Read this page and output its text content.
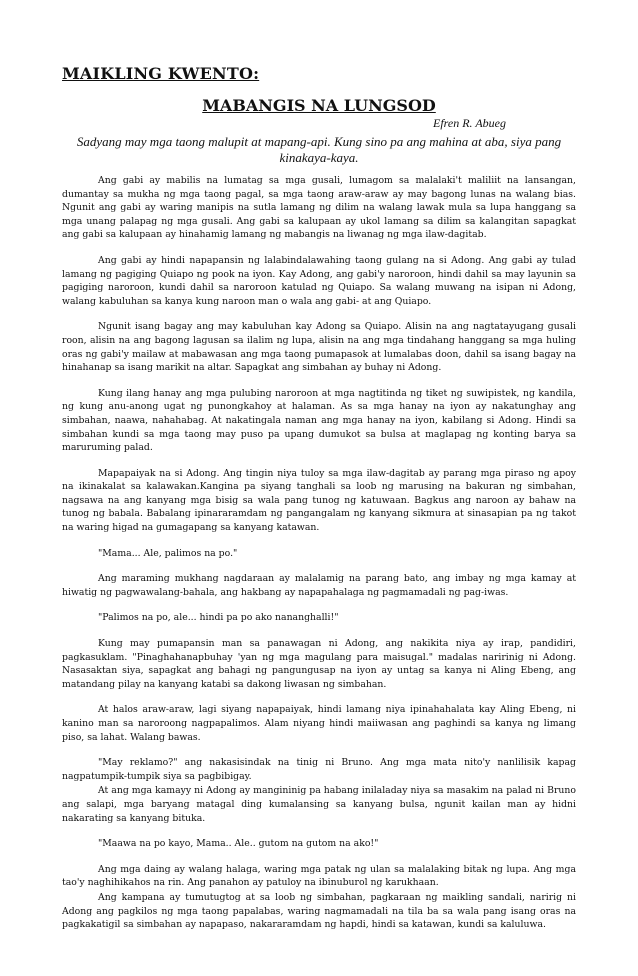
MAIKLING KWENTO:
MABANGIS NA LUNGSOD
Efren R. Abueg
Sadyang may mga taong malupit at mapang-api. Kung sino pa ang mahina at aba, siya pang kinakaya-kaya.

Ang gabi ay mabilis na lumatag sa mga gusali, lumagom sa malalaki't maliliit na lansangan, dumantay sa mukha ng mga taong pagal, sa mga taong araw-araw ay may bagong lunas na walang bias. Ngunit ang gabi ay waring manipis na sutla lamang ng dilim na walang lawak mula sa lupa hanggang sa mga unang palapag ng mga gusali. Ang gabi sa kalupaan ay ukol lamang sa dilim sa kalangitan sapagkat ang gabi sa kalupaan ay hinahamig lamang ng mabangis na liwanag ng mga ilaw-dagitab.

Ang gabi ay hindi napapansin ng lalabindalawahing taong gulang na si Adong. Ang gabi ay tulad lamang ng pagiging Quiapo ng pook na iyon. Kay Adong, ang gabi'y naroroon, hindi dahil sa may layunin sa pagiging naroroon, kundi dahil sa naroroon katulad ng Quiapo. Sa walang muwang na isipan ni Adong, walang kabuluhan sa kanya kung naroon man o wala ang gabi- at ang Quiapo.

Ngunit isang bagay ang may kabuluhan kay Adong sa Quiapo. Alisin na ang nagtatayugang gusali roon, alisin na ang bagong lagusan sa ilalim ng lupa, alisin na ang mga tindahang hanggang sa mga huling oras ng gabi'y mailaw at mabawasan ang mga taong pumapasok at lumalabas doon, dahil sa isang bagay na hinahanap sa isang marikit na altar. Sapagkat ang simbahan ay buhay ni Adong.

Kung ilang hanay ang mga pulubing naroroon at mga nagtitinda ng tiket ng suwipistek, ng kandila, ng kung anu-anong ugat ng punongkahoy at halaman. As sa mga hanay na iyon ay nakatunghay ang simbahan, naawa, nahahabag. At nakatingala naman ang mga hanay na iyon, kabilang si Adong. Hindi sa simbahan kundi sa mga taong may puso pa upang dumukot sa bulsa at maglapag ng konting barya sa maruruming palad.

Mapapaiyak na si Adong. Ang tingin niya tuloy sa mga ilaw-dagitab ay parang mga piraso ng apoy na ikinakalat sa kalawakan.Kangina pa siyang tanghali sa loob ng marusing na bakuran ng simbahan, nagsawa na ang kanyang mga bisig sa wala pang tunog ng katuwaan. Bagkus ang naroon ay bahaw na tunog ng babala. Babalang ipinararamdam ng pangangalam ng kanyang sikmura at sinasapian pa ng takot na waring higad na gumagapang sa kanyang katawan.

"Mama... Ale, palimos na po."

Ang maraming mukhang nagdaraan ay malalamig na parang bato, ang imbay ng mga kamay at hiwatig ng pagwawalang-bahala, ang hakbang ay napapahalaga ng pagmamadali ng pag-iwas.

"Palimos na po, ale... hindi pa po ako nananghalli!"

Kung may pumapansin man sa panawagan ni Adong, ang nakikita niya ay irap, pandidiri, pagkasuklam. "Pinaghahanapbuhay 'yan ng mga magulang para maisugal." madalas naririnig ni Adong. Nasasaktan siya, sapagkat ang bahagi ng pangungusap na iyon ay untag sa kanya ni Aling Ebeng, ang matandang pilay na kanyang katabi sa dakong liwasan ng simbahan.

At halos araw-araw, lagi siyang napapaiyak, hindi lamang niya ipinahahalata kay Aling Ebeng, ni kanino man sa naroroong nagpapalimos. Alam niyang hindi maiiwasan ang paghindi sa kanya ng limang piso, sa lahat. Walang bawas.

"May reklamo?" ang nakasisindak na tinig ni Bruno. Ang mga mata nito'y nanlilisik kapag nagpatumpik-tumpik siya sa pagbibigay.

At ang mga kamayy ni Adong ay mangininig pa habang inilaladay niya sa masakim na palad ni Bruno ang salapi, mga baryang matagal ding kumalansing sa kanyang bulsa, ngunit kailan man ay hidni nakarating sa kanyang bituka.

"Maawa na po kayo, Mama.. Ale.. gutom na gutom na ako!"

Ang mga daing ay walang halaga, waring mga patak ng ulan sa malalaking bitak ng lupa. Ang mga tao'y naghihikahos na rin. Ang panahon ay patuloy na ibinuburol ng karukhaan.

Ang kampana ay tumutugtog at sa loob ng simbahan, pagkaraan ng maikling sandali, naririg ni Adong ang pagkilos ng mga taong papalabas, waring nagmamadali na tila ba sa wala pang isang oras na pagkakatigil sa simbahan ay napapaso, nakararamdam ng hapdi, hindi sa katawan, kundi sa kaluluwa.
